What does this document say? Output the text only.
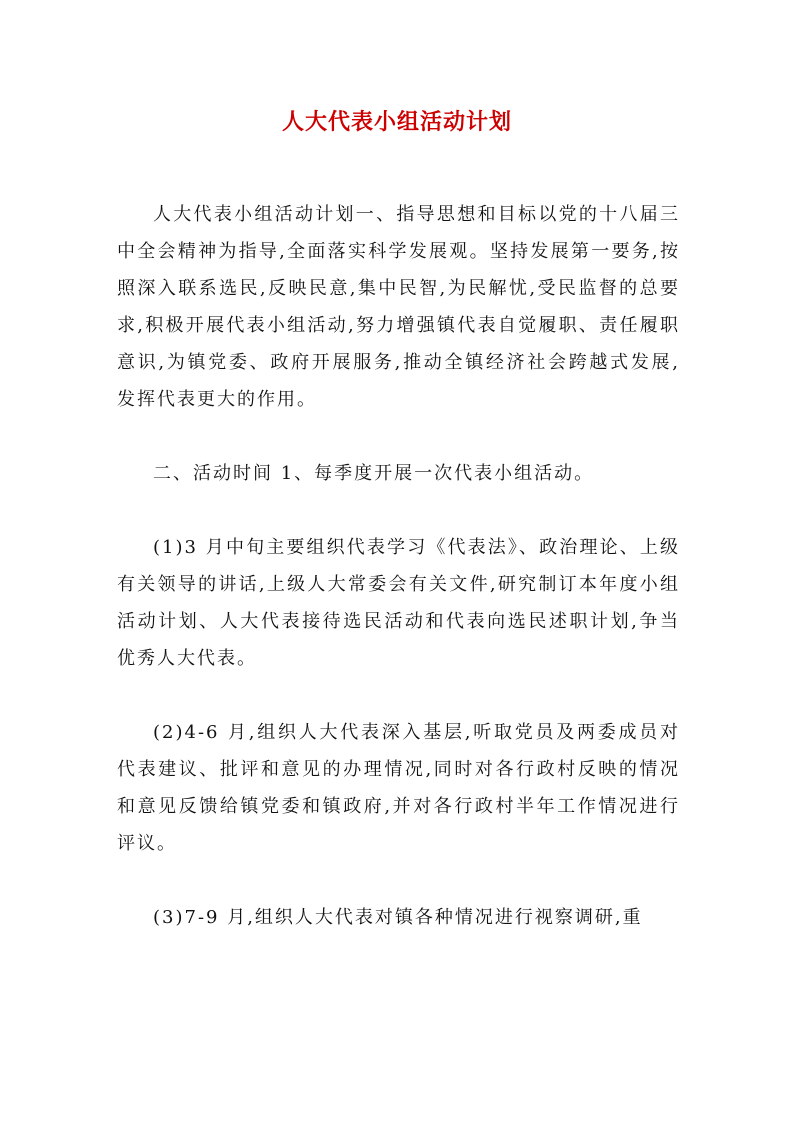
人大代表小组活动计划

人大代表小组活动计划一、指导思想和目标以党的十八届三中全会精神为指导,全面落实科学发展观。坚持发展第一要务,按照深入联系选民,反映民意,集中民智,为民解忧,受民监督的总要求,积极开展代表小组活动,努力增强镇代表自觉履职、责任履职意识,为镇党委、政府开展服务,推动全镇经济社会跨越式发展,发挥代表更大的作用。

二、活动时间 1、每季度开展一次代表小组活动。

(1)3 月中旬主要组织代表学习《代表法》、政治理论、上级有关领导的讲话,上级人大常委会有关文件,研究制订本年度小组活动计划、人大代表接待选民活动和代表向选民述职计划,争当优秀人大代表。

(2)4-6 月,组织人大代表深入基层,听取党员及两委成员对代表建议、批评和意见的办理情况,同时对各行政村反映的情况和意见反馈给镇党委和镇政府,并对各行政村半年工作情况进行评议。

(3)7-9 月,组织人大代表对镇各种情况进行视察调研,重
